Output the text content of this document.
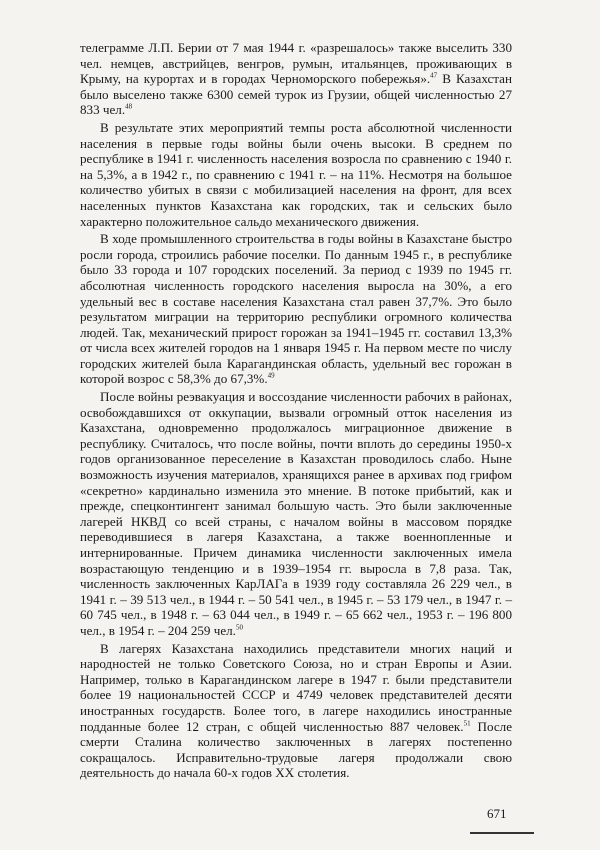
телеграмме Л.П. Берии от 7 мая 1944 г. «разрешалось» также выселить 330 чел. немцев, австрийцев, венгров, румын, итальянцев, проживающих в Крыму, на курортах и в городах Черноморского побережья».$^{47}$ В Казахстан было выселено также 6300 семей турок из Грузии, общей численностью 27 833 чел.$^{48}$

В результате этих мероприятий темпы роста абсолютной численности населения в первые годы войны были очень высоки. В среднем по республике в 1941 г. численность населения возросла по сравнению с 1940 г. на 5,3%, а в 1942 г., по сравнению с 1941 г. – на 11%. Несмотря на большое количество убитых в связи с мобилизацией населения на фронт, для всех населенных пунктов Казахстана как городских, так и сельских было характерно положительное сальдо механического движения.

В ходе промышленного строительства в годы войны в Казахстане быстро росли города, строились рабочие поселки. По данным 1945 г., в республике было 33 города и 107 городских поселений. За период с 1939 по 1945 гг. абсолютная численность городского населения выросла на 30%, а его удельный вес в составе населения Казахстана стал равен 37,7%. Это было результатом миграции на территорию республики огромного количества людей. Так, механический прирост горожан за 1941–1945 гг. составил 13,3% от числа всех жителей городов на 1 января 1945 г. На первом месте по числу городских жителей была Карагандинская область, удельный вес горожан в которой возрос с 58,3% до 67,3%.$^{49}$

После войны реэвакуация и воссоздание численности рабочих в районах, освобождавшихся от оккупации, вызвали огромный отток населения из Казахстана, одновременно продолжалось миграционное движение в республику. Считалось, что после войны, почти вплоть до середины 1950-х годов организованное переселение в Казахстан проводилось слабо. Ныне возможность изучения материалов, хранящихся ранее в архивах под грифом «секретно» кардинально изменила это мнение. В потоке прибытий, как и прежде, спецконтингент занимал большую часть. Это были заключенные лагерей НКВД со всей страны, с началом войны в массовом порядке переводившиеся в лагеря Казахстана, а также военнопленные и интернированные. Причем динамика численности заключенных имела возрастающую тенденцию и в 1939–1954 гг. выросла в 7,8 раза. Так, численность заключенных КарЛАГа в 1939 году составляла 26 229 чел., в 1941 г. – 39 513 чел., в 1944 г. – 50 541 чел., в 1945 г. – 53 179 чел., в 1947 г. – 60 745 чел., в 1948 г. – 63 044 чел., в 1949 г. – 65 662 чел., 1953 г. – 196 800 чел., в 1954 г. – 204 259 чел.$^{50}$

В лагерях Казахстана находились представители многих наций и народностей не только Советского Союза, но и стран Европы и Азии. Например, только в Карагандинском лагере в 1947 г. были представители более 19 национальностей СССР и 4749 человек представителей десяти иностранных государств. Более того, в лагере находились иностранные подданные более 12 стран, с общей численностью 887 человек.$^{51}$ После смерти Сталина количество заключенных в лагерях постепенно сокращалось. Исправительно-трудовые лагеря продолжали свою деятельность до начала 60-х годов XX столетия.

671
